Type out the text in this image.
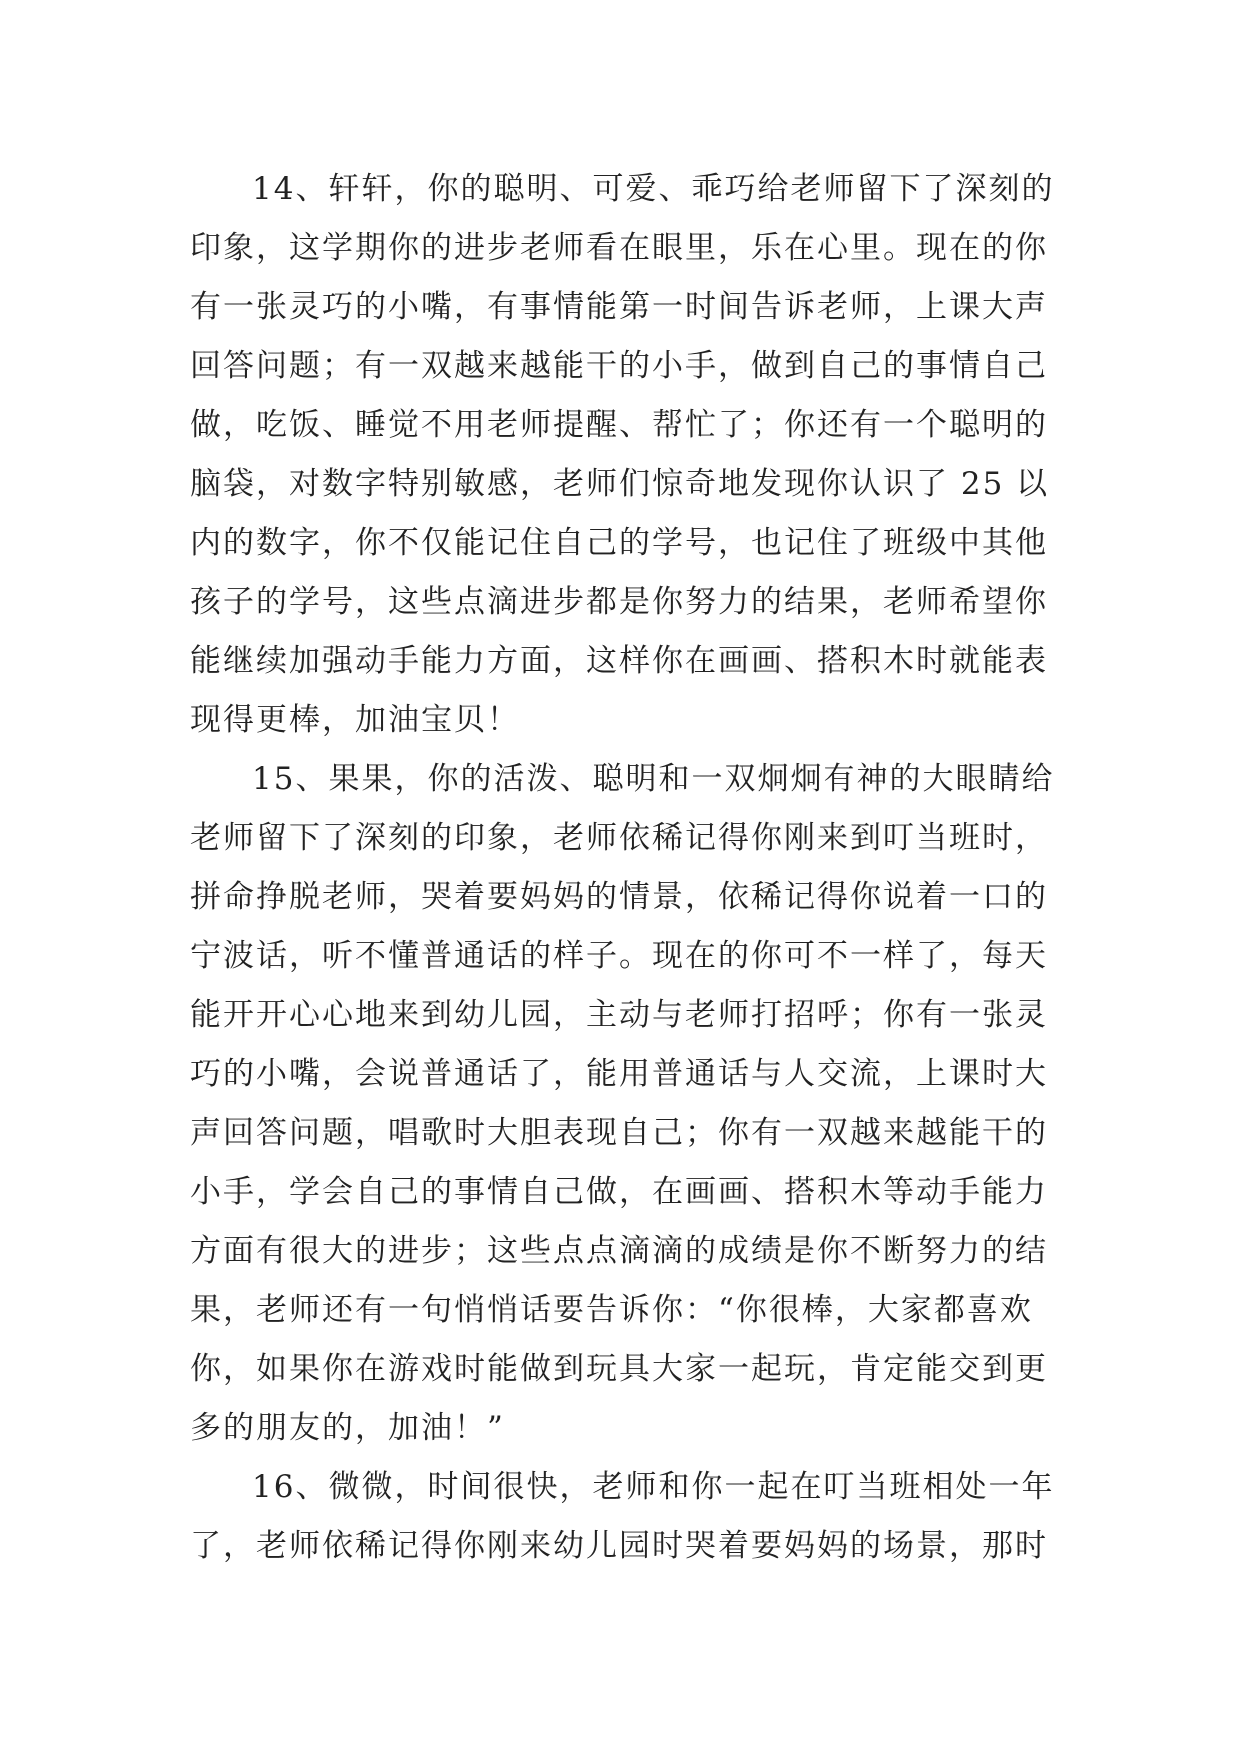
14、轩轩，你的聪明、可爱、乖巧给老师留下了深刻的
印象，这学期你的进步老师看在眼里，乐在心里。现在的你
有一张灵巧的小嘴，有事情能第一时间告诉老师，上课大声
回答问题；有一双越来越能干的小手，做到自己的事情自己
做，吃饭、睡觉不用老师提醒、帮忙了；你还有一个聪明的
脑袋，对数字特别敏感，老师们惊奇地发现你认识了 25 以
内的数字，你不仅能记住自己的学号，也记住了班级中其他
孩子的学号，这些点滴进步都是你努力的结果，老师希望你
能继续加强动手能力方面，这样你在画画、搭积木时就能表
现得更棒，加油宝贝！
15、果果，你的活泼、聪明和一双炯炯有神的大眼睛给
老师留下了深刻的印象，老师依稀记得你刚来到叮当班时，
拼命挣脱老师，哭着要妈妈的情景，依稀记得你说着一口的
宁波话，听不懂普通话的样子。现在的你可不一样了，每天
能开开心心地来到幼儿园，主动与老师打招呼；你有一张灵
巧的小嘴，会说普通话了，能用普通话与人交流，上课时大
声回答问题，唱歌时大胆表现自己；你有一双越来越能干的
小手，学会自己的事情自己做，在画画、搭积木等动手能力
方面有很大的进步；这些点点滴滴的成绩是你不断努力的结
果，老师还有一句悄悄话要告诉你：“你很棒，大家都喜欢
你，如果你在游戏时能做到玩具大家一起玩，肯定能交到更
多的朋友的，加油！”
16、微微，时间很快，老师和你一起在叮当班相处一年
了，老师依稀记得你刚来幼儿园时哭着要妈妈的场景，那时
